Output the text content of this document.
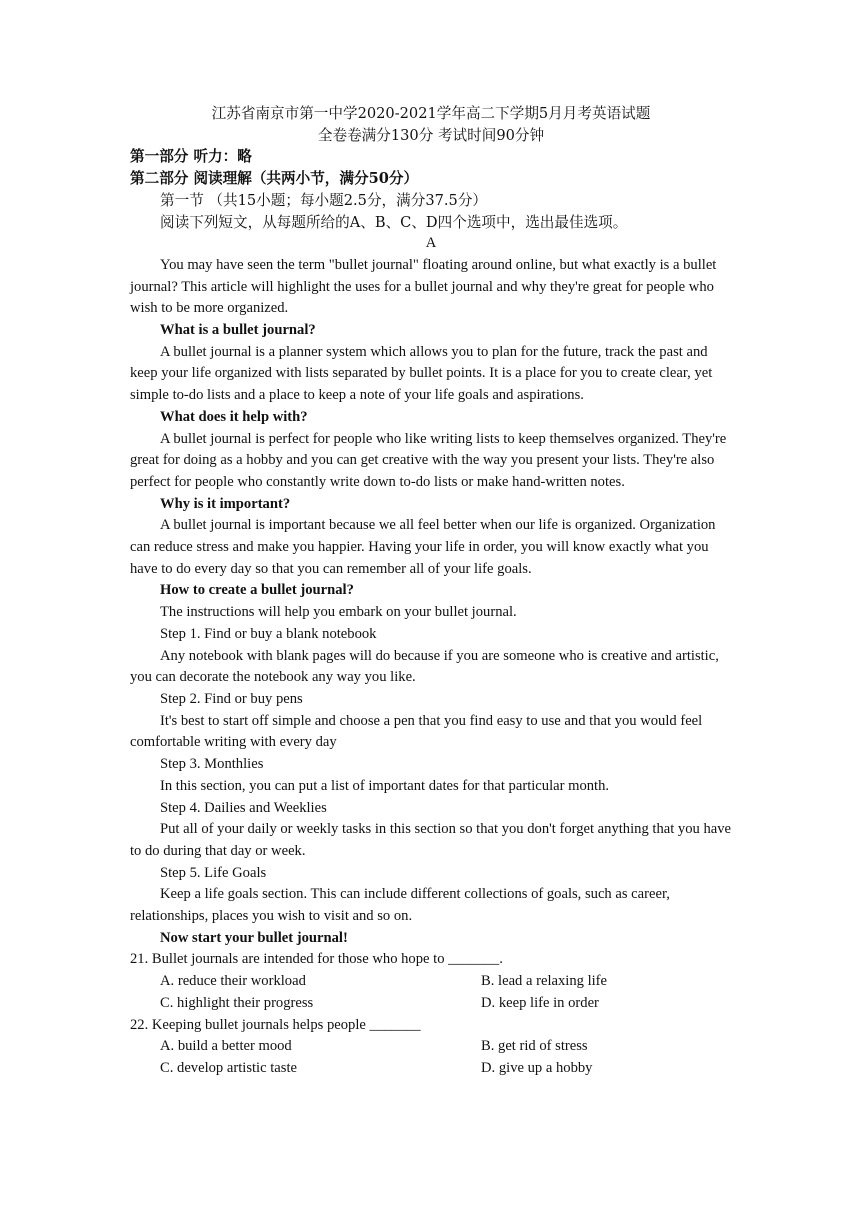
江苏省南京市第一中学2020-2021学年高二下学期5月月考英语试题
全卷卷满分130分 考试时间90分钟
第一部分 听力：略
第二部分 阅读理解（共两小节，满分50分）
第一节 （共15小题；每小题2.5分，满分37.5分）
阅读下列短文，从每题所给的A、B、C、D四个选项中，选出最佳选项。
A

You may have seen the term "bullet journal" floating around online, but what exactly is a bullet journal? This article will highlight the uses for a bullet journal and why they're great for people who wish to be more organized.

What is a bullet journal?

A bullet journal is a planner system which allows you to plan for the future, track the past and keep your life organized with lists separated by bullet points. It is a place for you to create clear, yet simple to-do lists and a place to keep a note of your life goals and aspirations.

What does it help with?

A bullet journal is perfect for people who like writing lists to keep themselves organized. They're great for doing as a hobby and you can get creative with the way you present your lists. They're also perfect for people who constantly write down to-do lists or make hand-written notes.

Why is it important?

A bullet journal is important because we all feel better when our life is organized. Organization can reduce stress and make you happier. Having your life in order, you will know exactly what you have to do every day so that you can remember all of your life goals.

How to create a bullet journal?

The instructions will help you embark on your bullet journal.

Step 1. Find or buy a blank notebook

Any notebook with blank pages will do because if you are someone who is creative and artistic, you can decorate the notebook any way you like.

Step 2. Find or buy pens

It's best to start off simple and choose a pen that you find easy to use and that you would feel comfortable writing with every day

Step 3. Monthlies

In this section, you can put a list of important dates for that particular month.

Step 4. Dailies and Weeklies

Put all of your daily or weekly tasks in this section so that you don't forget anything that you have to do during that day or week.

Step 5. Life Goals

Keep a life goals section. This can include different collections of goals, such as career, relationships, places you wish to visit and so on.

Now start your bullet journal!

21. Bullet journals are intended for those who hope to _______.

A. reduce their workload	B. lead a relaxing life
C. highlight their progress	D. keep life in order

22. Keeping bullet journals helps people _______

A. build a better mood	B. get rid of stress
C. develop artistic taste	D. give up a hobby
